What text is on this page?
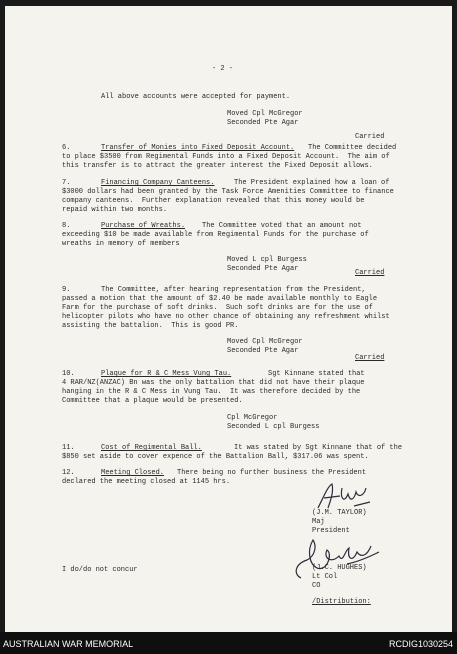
- 2 -
All above accounts were accepted for payment.
Moved Cpl McGregor
Seconded Pte Agar
Carried
6.	Transfer of Monies into Fixed Deposit Account. The Committee decided
to place $3500 from Regimental Funds into a Fixed Deposit Account.  The aim of
this transfer is to attract the greater interest the Fixed Deposit allows.
7.	Financing Company Canteens.	The President explained how a loan of
$3000 dollars had been granted by the Task Force Amenities Committee to finance
company canteens.  Further explanation revealed that this money would be
repaid within two months.
8.	Purchase of Wreaths. The Committee voted that an amount not
exceeding $10 be made available from Regimental Funds for the purchase of
wreaths in memory of members
Moved L cpl Burgess
Seconded Pte Agar	Carried
9.	The Committee, after hearing representation from the President,
passed a motion that the amount of $2.40 be made available monthly to Eagle
Farm for the purchase of soft drinks.  Such soft drinks are for the use of
helicopter pilots who have no other chance of obtaining any refreshment whilst
assisting the battalion.  This is good PR.
Moved Cpl McGregor
Seconded Pte Agar
Carried
10.	Plaque for R & C Mess Vung Tau.	Sgt Kinnane stated that
4 RAR/NZ(ANZAC) Bn was the only battalion that did not have their plaque
hanging in the R & C Mess in Vung Tau.  It was therefore decided by the
Committee that a plaque would be presented.
Cpl McGregor
Seconded L cpl Burgess
11.	Cost of Regimental Ball.	It was stated by Sgt Kinnane that of the
$850 set aside to cover expence of the Battalion Ball, $317.06 was spent.
12.	Meeting Closed. There being no further business the President
declared the meeting closed at 1145 hrs.
(J.M. TAYLOR)
Maj
President
(J.C. HUGHES)
Lt Col
CO
I do/do not concur
/Distribution:
AUSTRALIAN WAR MEMORIAL	RCDIG1030254
